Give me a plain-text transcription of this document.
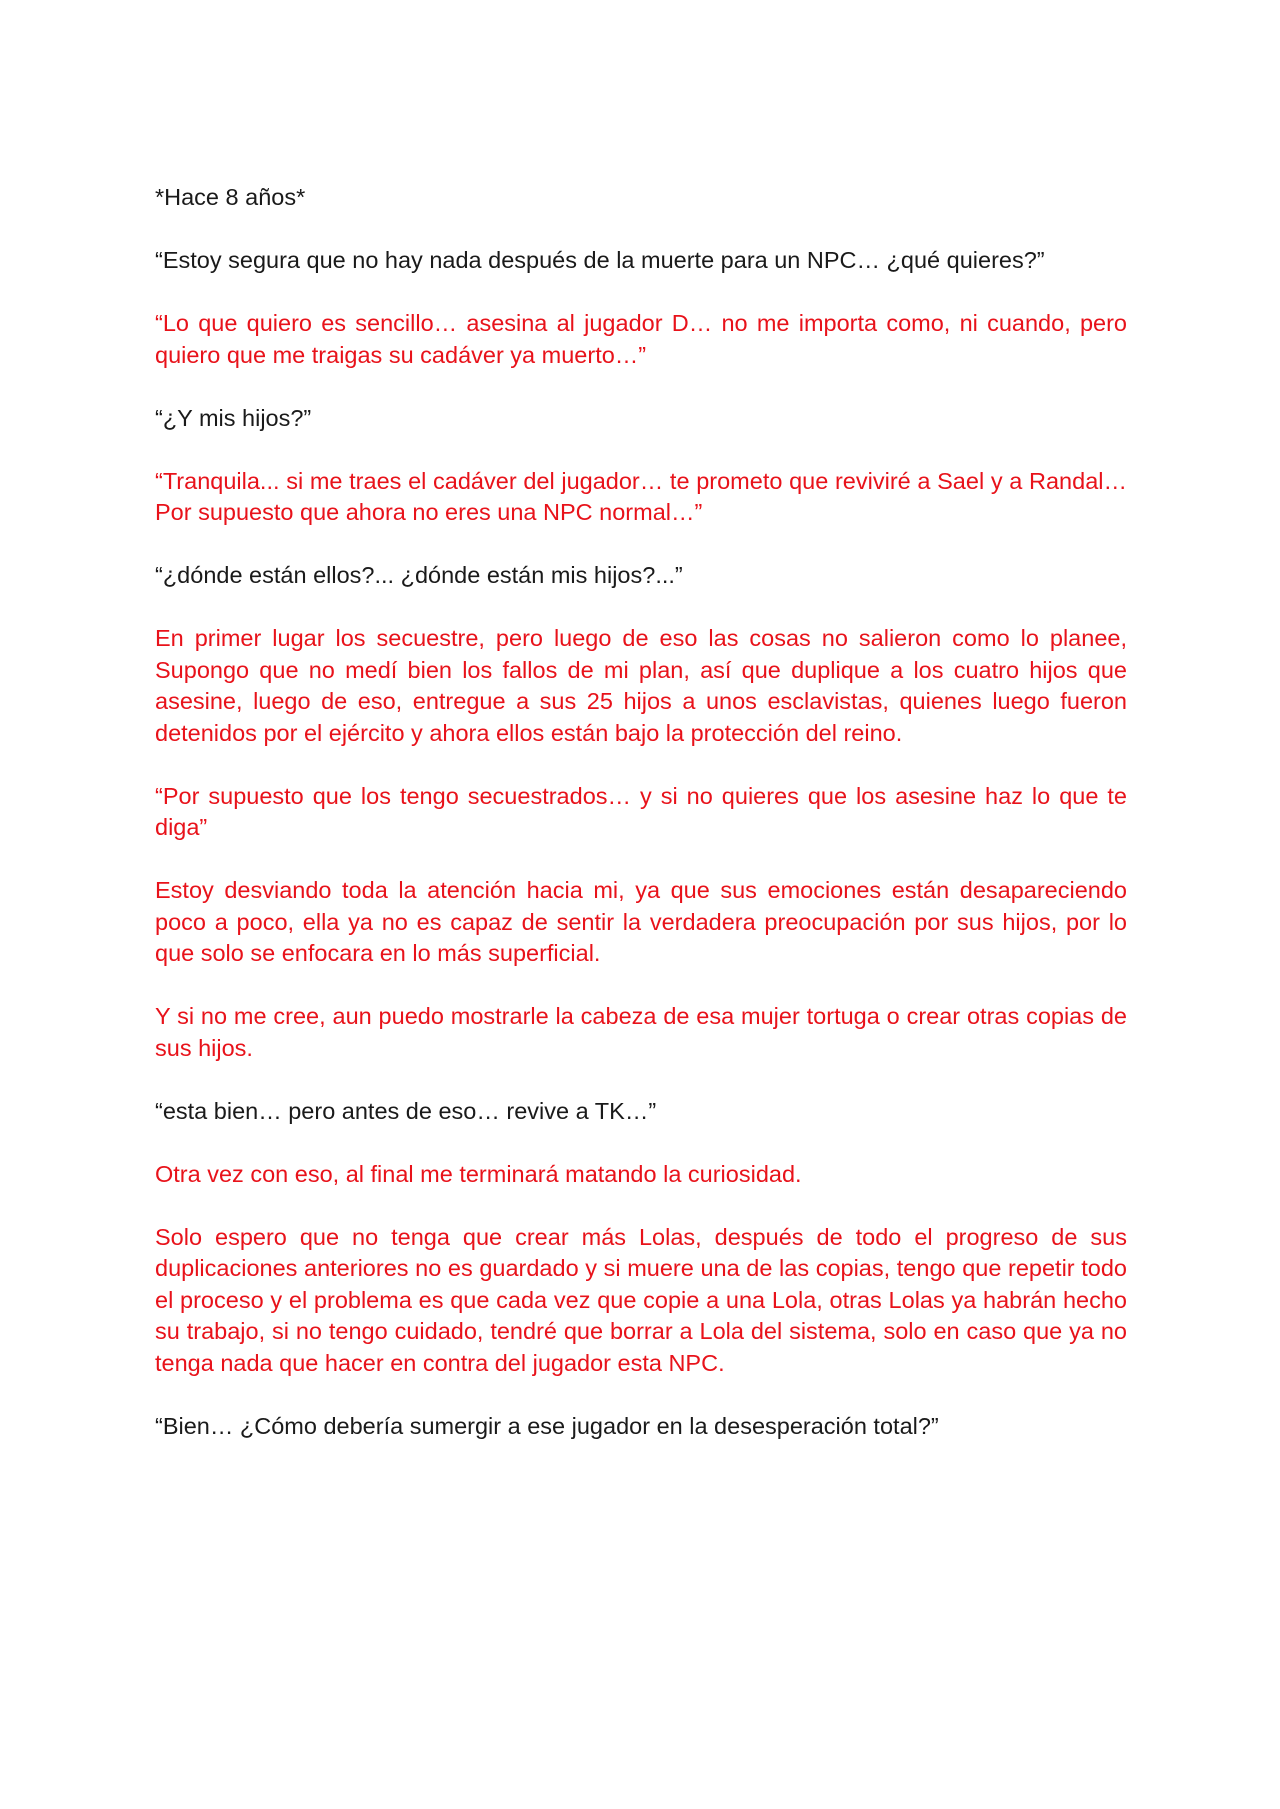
*Hace 8 años*

“Estoy segura que no hay nada después de la muerte para un NPC… ¿qué quieres?”

“Lo que quiero es sencillo… asesina al jugador D… no me importa como, ni cuando, pero quiero que me traigas su cadáver ya muerto…”

“¿Y mis hijos?”

“Tranquila... si me traes el cadáver del jugador… te prometo que reviviré a Sael y a Randal… Por supuesto que ahora no eres una NPC normal…”

“¿dónde están ellos?... ¿dónde están mis hijos?...”

En primer lugar los secuestre, pero luego de eso las cosas no salieron como lo planee, Supongo que no medí bien los fallos de mi plan, así que duplique a los cuatro hijos que asesine, luego de eso, entregue a sus 25 hijos a unos esclavistas, quienes luego fueron detenidos por el ejército y ahora ellos están bajo la protección del reino.

“Por supuesto que los tengo secuestrados… y si no quieres que los asesine haz lo que te diga”

Estoy desviando toda la atención hacia mi, ya que sus emociones están desapareciendo poco a poco, ella ya no es capaz de sentir la verdadera preocupación por sus hijos, por lo que solo se enfocara en lo más superficial.

Y si no me cree, aun puedo mostrarle la cabeza de esa mujer tortuga o crear otras copias de sus hijos.

“esta bien… pero antes de eso… revive a TK…”

Otra vez con eso, al final me terminará matando la curiosidad.

Solo espero que no tenga que crear más Lolas, después de todo el progreso de sus duplicaciones anteriores no es guardado y si muere una de las copias, tengo que repetir todo el proceso y el problema es que cada vez que copie a una Lola, otras Lolas ya habrán hecho su trabajo, si no tengo cuidado, tendré que borrar a Lola del sistema, solo en caso que ya no tenga nada que hacer en contra del jugador esta NPC.

“Bien… ¿Cómo debería sumergir a ese jugador en la desesperación total?”
